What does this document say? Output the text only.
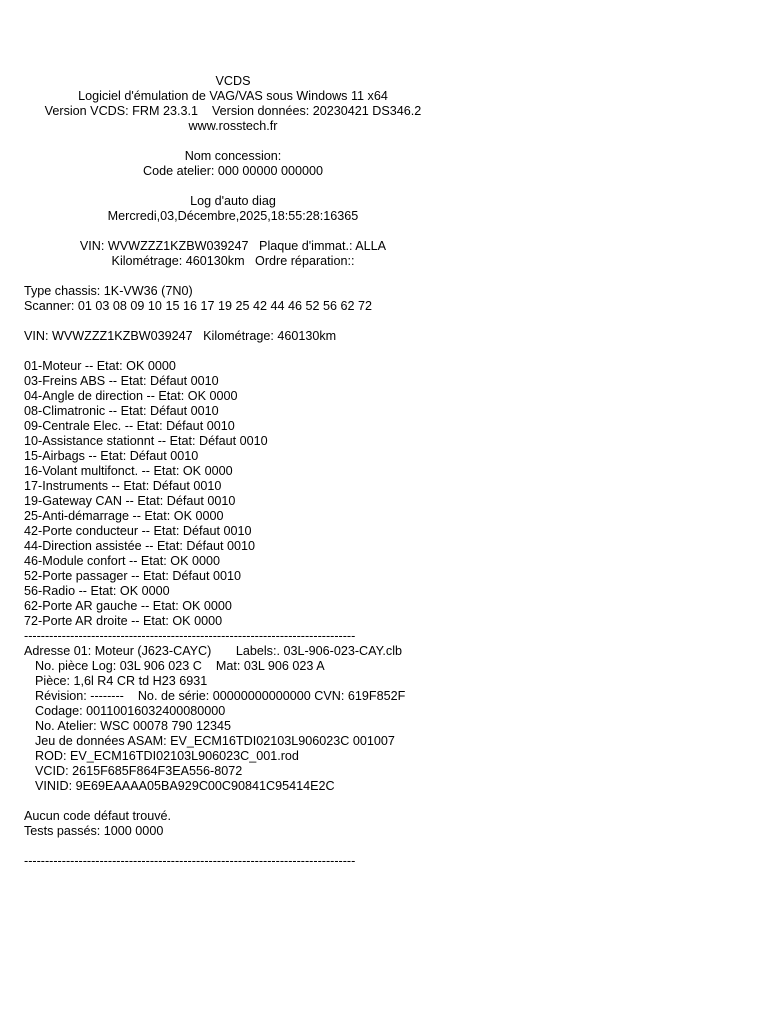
VCDS
Logiciel d'émulation de VAG/VAS sous Windows 11 x64
Version VCDS: FRM 23.3.1    Version données: 20230421 DS346.2
www.rosstech.fr
Nom concession:
Code atelier: 000 00000 000000
Log d'auto diag
Mercredi,03,Décembre,2025,18:55:28:16365
VIN: WVWZZZ1KZBW039247   Plaque d'immat.: ALLA
Kilométrage: 460130km   Ordre réparation::
Type chassis: 1K-VW36 (7N0)
Scanner: 01 03 08 09 10 15 16 17 19 25 42 44 46 52 56 62 72
VIN: WVWZZZ1KZBW039247   Kilométrage: 460130km
01-Moteur -- Etat: OK 0000
03-Freins ABS -- Etat: Défaut 0010
04-Angle de direction -- Etat: OK 0000
08-Climatronic -- Etat: Défaut 0010
09-Centrale Elec. -- Etat: Défaut 0010
10-Assistance stationnt -- Etat: Défaut 0010
15-Airbags -- Etat: Défaut 0010
16-Volant multifonct. -- Etat: OK 0000
17-Instruments -- Etat: Défaut 0010
19-Gateway CAN -- Etat: Défaut 0010
25-Anti-démarrage -- Etat: OK 0000
42-Porte conducteur -- Etat: Défaut 0010
44-Direction assistée -- Etat: Défaut 0010
46-Module confort -- Etat: OK 0000
52-Porte passager -- Etat: Défaut 0010
56-Radio -- Etat: OK 0000
62-Porte AR gauche -- Etat: OK 0000
72-Porte AR droite -- Etat: OK 0000
-------------------------------------------------------------------------------
Adresse 01: Moteur (J623-CAYC)       Labels:. 03L-906-023-CAY.clb
No. pièce Log: 03L 906 023 C    Mat: 03L 906 023 A
Pièce: 1,6l R4 CR td H23 6931
Révision: --------    No. de série: 00000000000000 CVN: 619F852F
Codage: 00110016032400080000
No. Atelier: WSC 00078 790 12345
Jeu de données ASAM: EV_ECM16TDI02103L906023C 001007
ROD: EV_ECM16TDI02103L906023C_001.rod
VCID: 2615F685F864F3EA556-8072
VINID: 9E69EAAAA05BA929C00C90841C95414E2C
Aucun code défaut trouvé.
Tests passés: 1000 0000
-------------------------------------------------------------------------------
